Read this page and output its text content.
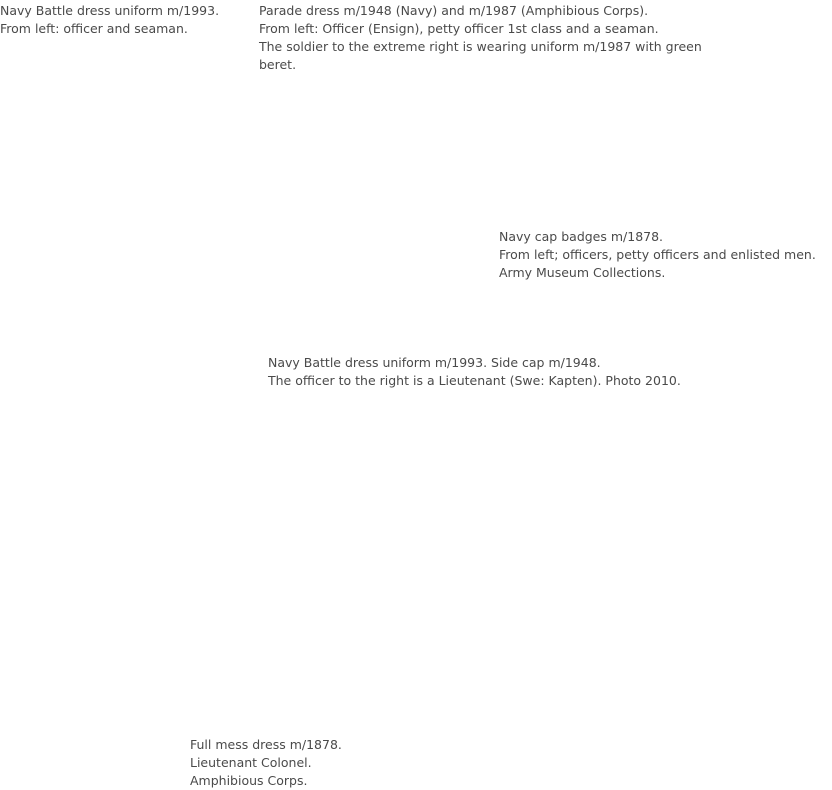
Navy Battle dress uniform m/1993.
From left: officer and seaman.
Parade dress m/1948 (Navy) and m/1987 (Amphibious Corps).
From left: Officer (Ensign), petty officer 1st class and a seaman.
The soldier to the extreme right is wearing uniform m/1987 with green
beret.
Navy cap badges m/1878.
From left; officers, petty officers and enlisted men.
Army Museum Collections.
Navy Battle dress uniform m/1993. Side cap m/1948.
The officer to the right is a Lieutenant (Swe: Kapten). Photo 2010.
Full mess dress m/1878.
Lieutenant Colonel.
Amphibious Corps.
